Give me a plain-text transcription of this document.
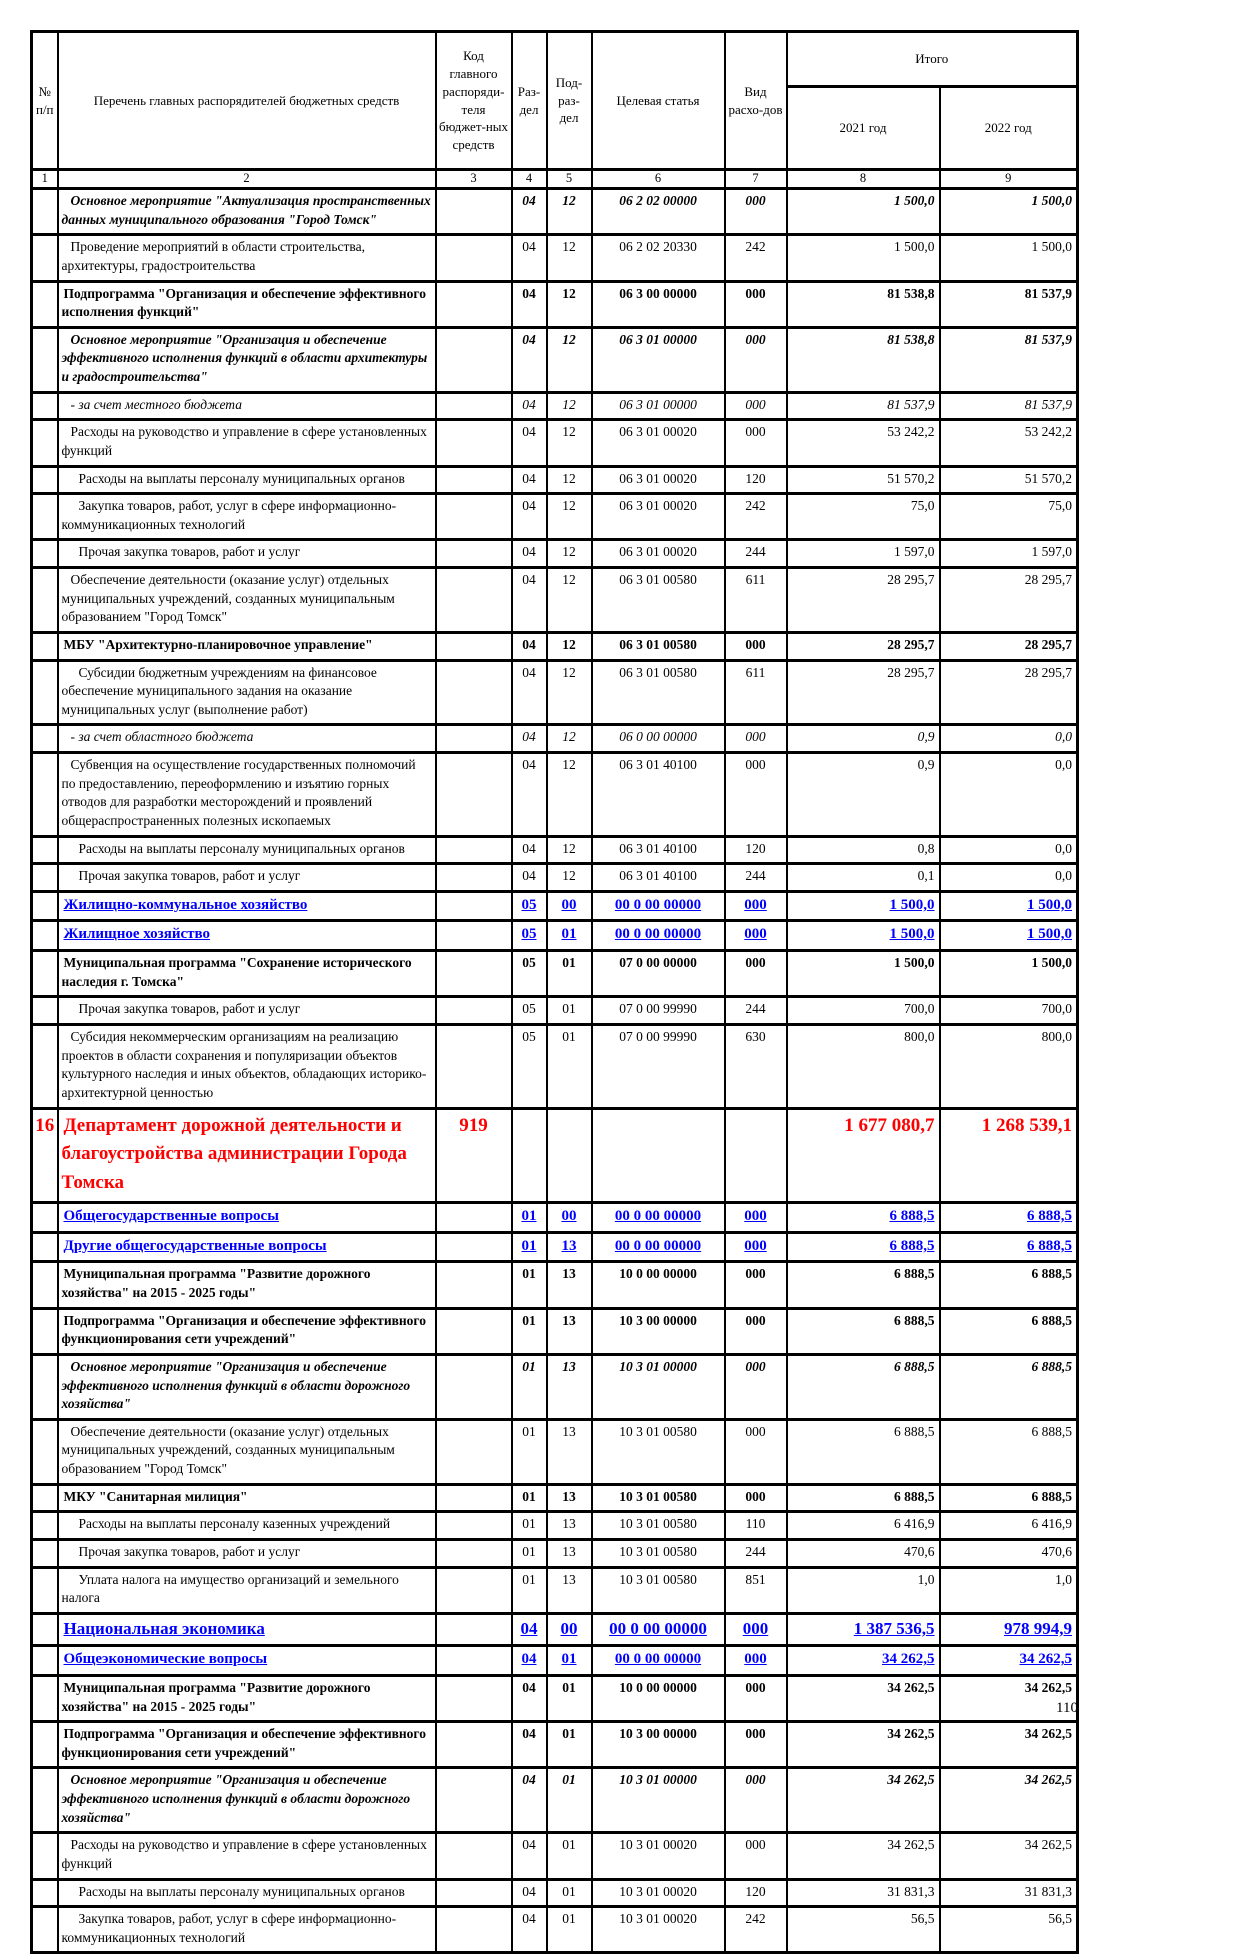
№ п/п	Перечень главных распорядителей бюджетных средств	Код главного распоряди-теля бюджет-ных средств	Раз-дел	Под-раз-дел	Целевая статья	Вид расхо-дов	Итого	
							2021 год	2022 год
1	2	3	4	5	6	7	8	9
	Основное мероприятие "Актуализация пространственных данных муниципального образования "Город Томск"		04	12	06 2 02 00000	000	1 500,0	1 500,0
	Проведение мероприятий в области строительства, архитектуры, градостроительства		04	12	06 2 02 20330	242	1 500,0	1 500,0
	Подпрограмма "Организация и обеспечение эффективного исполнения функций"		04	12	06 3 00 00000	000	81 538,8	81 537,9
	Основное мероприятие "Организация и обеспечение эффективного исполнения функций в области архитектуры и градостроительства"		04	12	06 3 01 00000	000	81 538,8	81 537,9
	- за счет местного бюджета		04	12	06 3 01 00000	000	81 537,9	81 537,9
	Расходы на руководство и управление в сфере установленных функций		04	12	06 3 01 00020	000	53 242,2	53 242,2
	Расходы на выплаты персоналу муниципальных органов		04	12	06 3 01 00020	120	51 570,2	51 570,2
	Закупка товаров, работ, услуг в сфере информационно-коммуникационных технологий		04	12	06 3 01 00020	242	75,0	75,0
	Прочая закупка товаров, работ и услуг		04	12	06 3 01 00020	244	1 597,0	1 597,0
	Обеспечение деятельности (оказание услуг) отдельных муниципальных учреждений, созданных муниципальным образованием "Город Томск"		04	12	06 3 01 00580	611	28 295,7	28 295,7
	МБУ "Архитектурно-планировочное управление"		04	12	06 3 01 00580	000	28 295,7	28 295,7
	Субсидии бюджетным учреждениям на финансовое обеспечение муниципального задания на оказание муниципальных услуг (выполнение работ)		04	12	06 3 01 00580	611	28 295,7	28 295,7
	- за счет областного бюджета		04	12	06 0 00 00000	000	0,9	0,0
	Субвенция на осуществление государственных полномочий по предоставлению, переоформлению и изъятию горных отводов для разработки месторождений и проявлений общераспространенных полезных ископаемых		04	12	06 3 01 40100	000	0,9	0,0
	Расходы на выплаты персоналу муниципальных органов		04	12	06 3 01 40100	120	0,8	0,0
	Прочая закупка товаров, работ и услуг		04	12	06 3 01 40100	244	0,1	0,0
	Жилищно-коммунальное хозяйство		05	00	00 0 00 00000	000	1 500,0	1 500,0
	Жилищное хозяйство		05	01	00 0 00 00000	000	1 500,0	1 500,0
	Муниципальная программа "Сохранение исторического наследия г. Томска"		05	01	07 0 00 00000	000	1 500,0	1 500,0
	Прочая закупка товаров, работ и услуг		05	01	07 0 00 99990	244	700,0	700,0
	Субсидия некоммерческим организациям на реализацию проектов в области сохранения и популяризации объектов культурного наследия и иных объектов, обладающих историко-архитектурной ценностью		05	01	07 0 00 99990	630	800,0	800,0
16	Департамент дорожной деятельности и благоустройства администрации Города Томска	919					1 677 080,7	1 268 539,1
	Общегосударственные вопросы		01	00	00 0 00 00000	000	6 888,5	6 888,5
	Другие общегосударственные вопросы		01	13	00 0 00 00000	000	6 888,5	6 888,5
	Муниципальная программа "Развитие дорожного хозяйства" на 2015 - 2025 годы"		01	13	10 0 00 00000	000	6 888,5	6 888,5
	Подпрограмма "Организация и обеспечение эффективного функционирования сети учреждений"		01	13	10 3 00 00000	000	6 888,5	6 888,5
	Основное мероприятие "Организация и обеспечение эффективного исполнения функций в области дорожного хозяйства"		01	13	10 3 01 00000	000	6 888,5	6 888,5
	Обеспечение деятельности (оказание услуг) отдельных муниципальных учреждений, созданных муниципальным образованием "Город Томск"		01	13	10 3 01 00580	000	6 888,5	6 888,5
	МКУ "Санитарная милиция"		01	13	10 3 01 00580	000	6 888,5	6 888,5
	Расходы на выплаты персоналу казенных учреждений		01	13	10 3 01 00580	110	6 416,9	6 416,9
	Прочая закупка товаров, работ и услуг		01	13	10 3 01 00580	244	470,6	470,6
	Уплата налога на имущество организаций и земельного налога		01	13	10 3 01 00580	851	1,0	1,0
	Национальная экономика		04	00	00 0 00 00000	000	1 387 536,5	978 994,9
	Общеэкономические вопросы		04	01	00 0 00 00000	000	34 262,5	34 262,5
	Муниципальная программа "Развитие дорожного хозяйства" на 2015 - 2025 годы"		04	01	10 0 00 00000	000	34 262,5	34 262,5
	Подпрограмма "Организация и обеспечение эффективного функционирования сети учреждений"		04	01	10 3 00 00000	000	34 262,5	34 262,5
	Основное мероприятие "Организация и обеспечение эффективного исполнения функций в области дорожного хозяйства"		04	01	10 3 01 00000	000	34 262,5	34 262,5
	Расходы на руководство и управление в сфере установленных функций		04	01	10 3 01 00020	000	34 262,5	34 262,5
	Расходы на выплаты персоналу муниципальных органов		04	01	10 3 01 00020	120	31 831,3	31 831,3
	Закупка товаров, работ, услуг в сфере информационно-коммуникационных технологий		04	01	10 3 01 00020	242	56,5	56,5
110
